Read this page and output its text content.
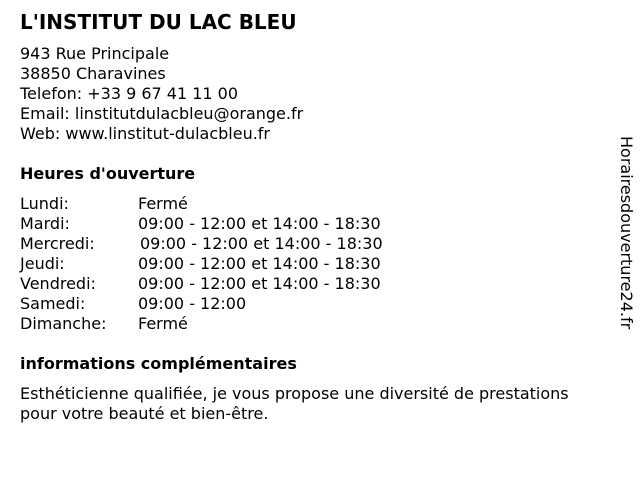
L'INSTITUT DU LAC BLEU
943 Rue Principale
38850 Charavines
Telefon: +33 9 67 41 11 00
Email: linstitutdulacbleu@orange.fr
Web: www.linstitut-dulacbleu.fr
Heures d'ouverture
Lundi:	Fermé
Mardi:	09:00 - 12:00 et 14:00 - 18:30
Mercredi:	09:00 - 12:00 et 14:00 - 18:30
Jeudi:	09:00 - 12:00 et 14:00 - 18:30
Vendredi:	09:00 - 12:00 et 14:00 - 18:30
Samedi:	09:00 - 12:00
Dimanche: Fermé
informations complémentaires
Esthéticienne qualifiée, je vous propose une diversité de prestations
pour votre beauté et bien-être.
Horairesdouverture24.fr
